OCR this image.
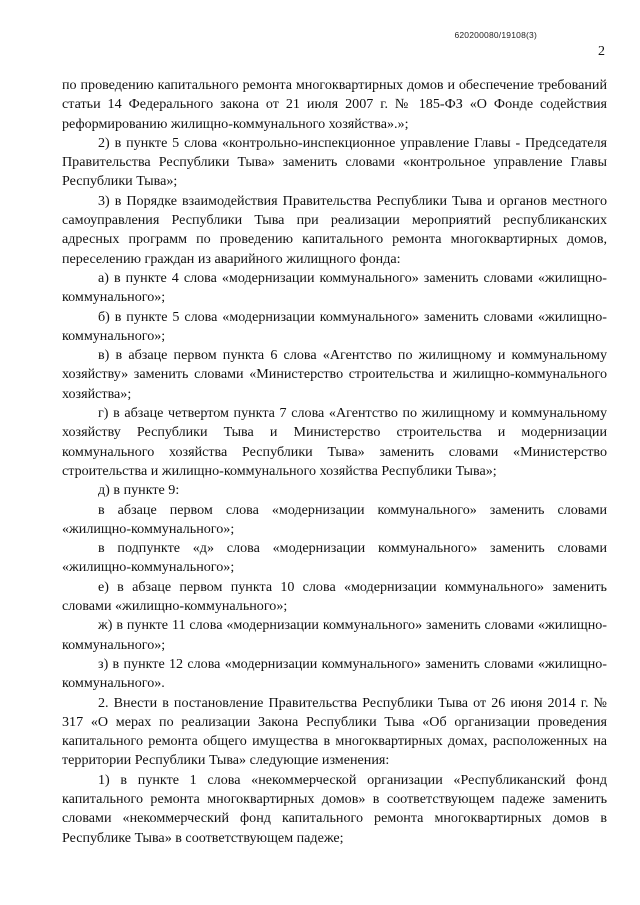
620200080/19108(3)
2

по проведению капитального ремонта многоквартирных домов и обеспечение требований статьи 14 Федерального закона от 21 июля 2007 г. № 185-ФЗ «О Фонде содействия реформированию жилищно-коммунального хозяйства».»;

2) в пункте 5 слова «контрольно-инспекционное управление Главы - Председателя Правительства Республики Тыва» заменить словами «контрольное управление Главы Республики Тыва»;

3) в Порядке взаимодействия Правительства Республики Тыва и органов местного самоуправления Республики Тыва при реализации мероприятий республиканских адресных программ по проведению капитального ремонта многоквартирных домов, переселению граждан из аварийного жилищного фонда:

а) в пункте 4 слова «модернизации коммунального» заменить словами «жилищно-коммунального»;

б) в пункте 5 слова «модернизации коммунального» заменить словами «жилищно-коммунального»;

в) в абзаце первом пункта 6 слова «Агентство по жилищному и коммунальному хозяйству» заменить словами «Министерство строительства и жилищно-коммунального хозяйства»;

г) в абзаце четвертом пункта 7 слова «Агентство по жилищному и коммунальному хозяйству Республики Тыва и Министерство строительства и модернизации коммунального хозяйства Республики Тыва» заменить словами «Министерство строительства и жилищно-коммунального хозяйства Республики Тыва»;

д) в пункте 9:

в абзаце первом слова «модернизации коммунального» заменить словами «жилищно-коммунального»;

в подпункте «д» слова «модернизации коммунального» заменить словами «жилищно-коммунального»;

е) в абзаце первом пункта 10 слова «модернизации коммунального» заменить словами «жилищно-коммунального»;

ж) в пункте 11 слова «модернизации коммунального» заменить словами «жилищно-коммунального»;

з) в пункте 12 слова «модернизации коммунального» заменить словами «жилищно-коммунального».

2. Внести в постановление Правительства Республики Тыва от 26 июня 2014 г. № 317 «О мерах по реализации Закона Республики Тыва «Об организации проведения капитального ремонта общего имущества в многоквартирных домах, расположенных на территории Республики Тыва» следующие изменения:

1) в пункте 1 слова «некоммерческой организации «Республиканский фонд капитального ремонта многоквартирных домов» в соответствующем падеже заменить словами «некоммерческий фонд капитального ремонта многоквартирных домов в Республике Тыва» в соответствующем падеже;
